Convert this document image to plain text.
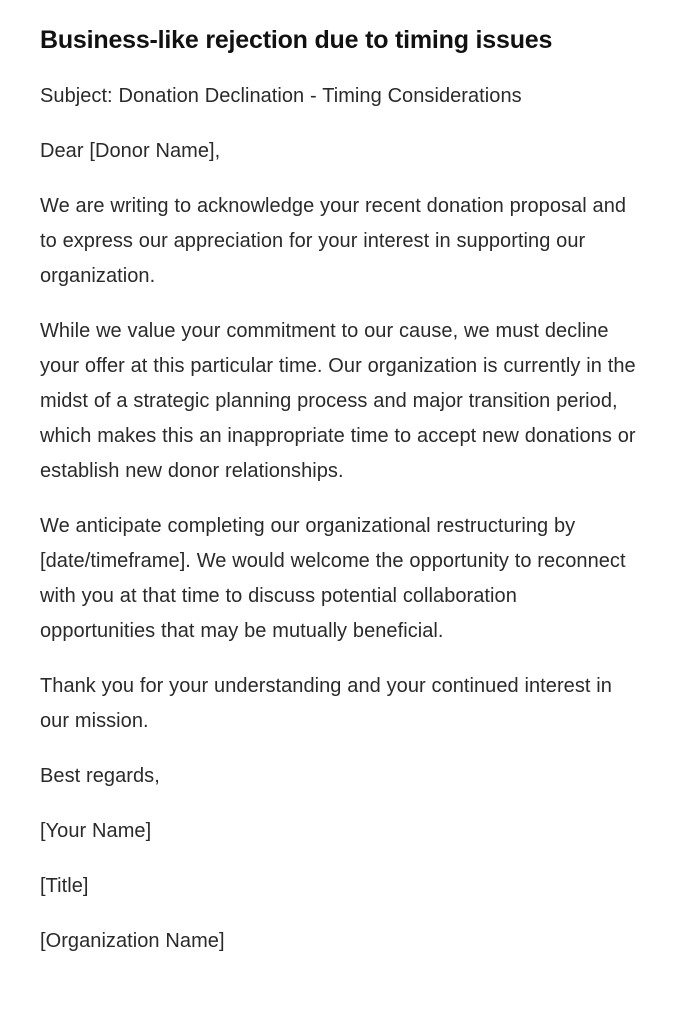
Business-like rejection due to timing issues

Subject: Donation Declination - Timing Considerations

Dear [Donor Name],

We are writing to acknowledge your recent donation proposal and to express our appreciation for your interest in supporting our organization.

While we value your commitment to our cause, we must decline your offer at this particular time. Our organization is currently in the midst of a strategic planning process and major transition period, which makes this an inappropriate time to accept new donations or establish new donor relationships.

We anticipate completing our organizational restructuring by [date/timeframe]. We would welcome the opportunity to reconnect with you at that time to discuss potential collaboration opportunities that may be mutually beneficial.

Thank you for your understanding and your continued interest in our mission.

Best regards,

[Your Name]

[Title]

[Organization Name]
